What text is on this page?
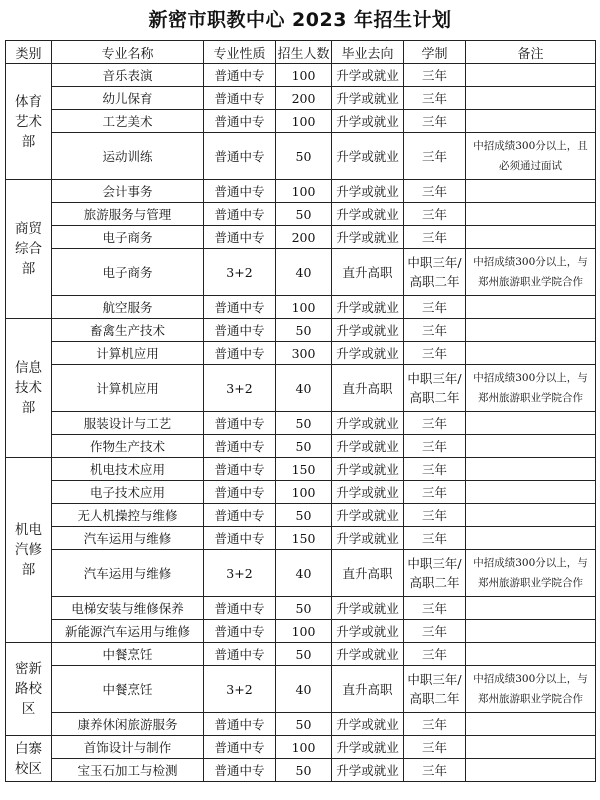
新密市职教中心 2023 年招生计划
类别	专业名称	专业性质	招生人数	毕业去向	学制	备注
体育艺术部	音乐表演	普通中专	100	升学或就业	三年	
	幼儿保育	普通中专	200	升学或就业	三年	
	工艺美术	普通中专	100	升学或就业	三年	
	运动训练	普通中专	50	升学或就业	三年	中招成绩300分以上，且必须通过面试
商贸综合部	会计事务	普通中专	100	升学或就业	三年	
	旅游服务与管理	普通中专	50	升学或就业	三年	
	电子商务	普通中专	200	升学或就业	三年	
	电子商务	3+2	40	直升高职	中职三年/高职二年	中招成绩300分以上，与郑州旅游职业学院合作
	航空服务	普通中专	100	升学或就业	三年	
信息技术部	畜禽生产技术	普通中专	50	升学或就业	三年	
	计算机应用	普通中专	300	升学或就业	三年	
	计算机应用	3+2	40	直升高职	中职三年/高职二年	中招成绩300分以上，与郑州旅游职业学院合作
	服装设计与工艺	普通中专	50	升学或就业	三年	
	作物生产技术	普通中专	50	升学或就业	三年	
机电汽修部	机电技术应用	普通中专	150	升学或就业	三年	
	电子技术应用	普通中专	100	升学或就业	三年	
	无人机操控与维修	普通中专	50	升学或就业	三年	
	汽车运用与维修	普通中专	150	升学或就业	三年	
	汽车运用与维修	3+2	40	直升高职	中职三年/高职二年	中招成绩300分以上，与郑州旅游职业学院合作
	电梯安装与维修保养	普通中专	50	升学或就业	三年	
	新能源汽车运用与维修	普通中专	100	升学或就业	三年	
密新路校区	中餐烹饪	普通中专	50	升学或就业	三年	
	中餐烹饪	3+2	40	直升高职	中职三年/高职二年	中招成绩300分以上，与郑州旅游职业学院合作
	康养休闲旅游服务	普通中专	50	升学或就业	三年	
白寨校区	首饰设计与制作	普通中专	100	升学或就业	三年	
	宝玉石加工与检测	普通中专	50	升学或就业	三年	
